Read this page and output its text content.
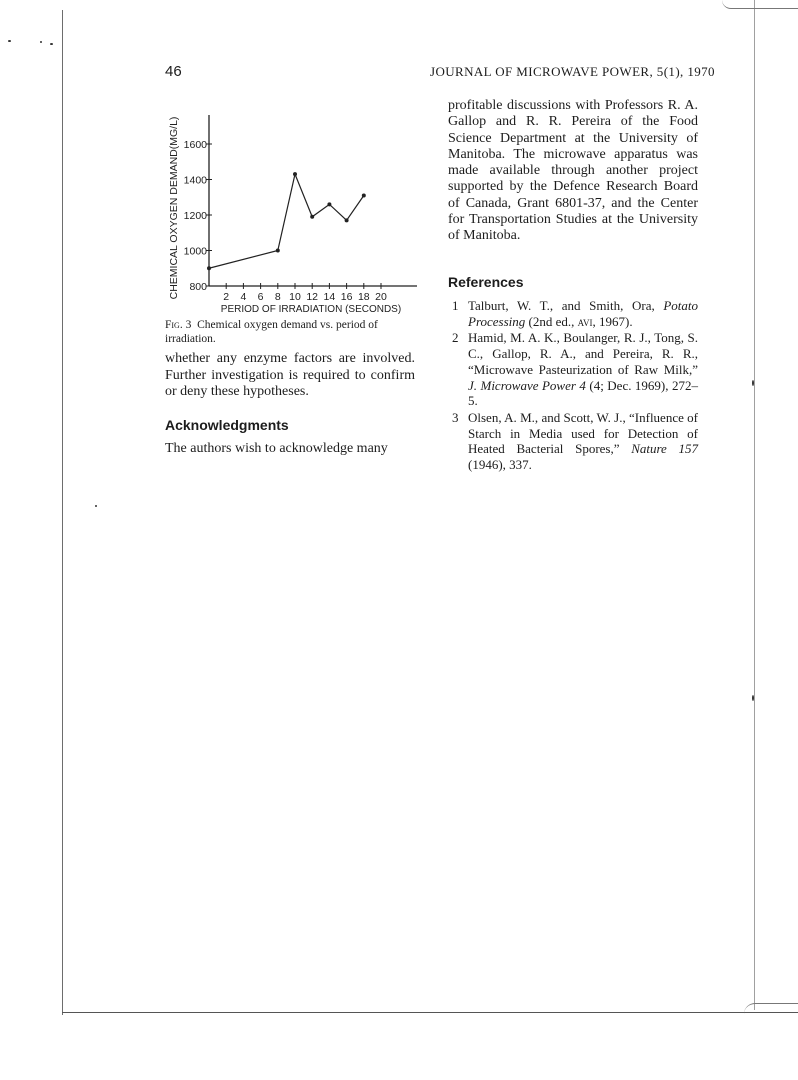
46	JOURNAL OF MICROWAVE POWER, 5(1), 1970
800
1000
1200
1400
1600
2 4 6 8 10 12 14 16 18 20
CHEMICAL OXYGEN DEMAND(MG/L)
PERIOD OF IRRADIATION (SECONDS)
Fig. 3 Chemical oxygen demand vs. period of irradiation.

whether any enzyme factors are involved. Further investigation is required to confirm or deny these hypotheses.

Acknowledgments

The authors wish to acknowledge many

profitable discussions with Professors R. A. Gallop and R. R. Pereira of the Food Science Department at the University of Manitoba. The microwave apparatus was made available through another project supported by the Defence Research Board of Canada, Grant 6801-37, and the Center for Transportation Studies at the University of Manitoba.

References
1 Talburt, W. T., and Smith, Ora, Potato Processing (2nd ed., avi, 1967).
2 Hamid, M. A. K., Boulanger, R. J., Tong, S. C., Gallop, R. A., and Pereira, R. R., “Microwave Pasteurization of Raw Milk,” J. Microwave Power 4 (4; Dec. 1969), 272–5.
3 Olsen, A. M., and Scott, W. J., “Influence of Starch in Media used for Detection of Heated Bacterial Spores,” Nature 157 (1946), 337.
